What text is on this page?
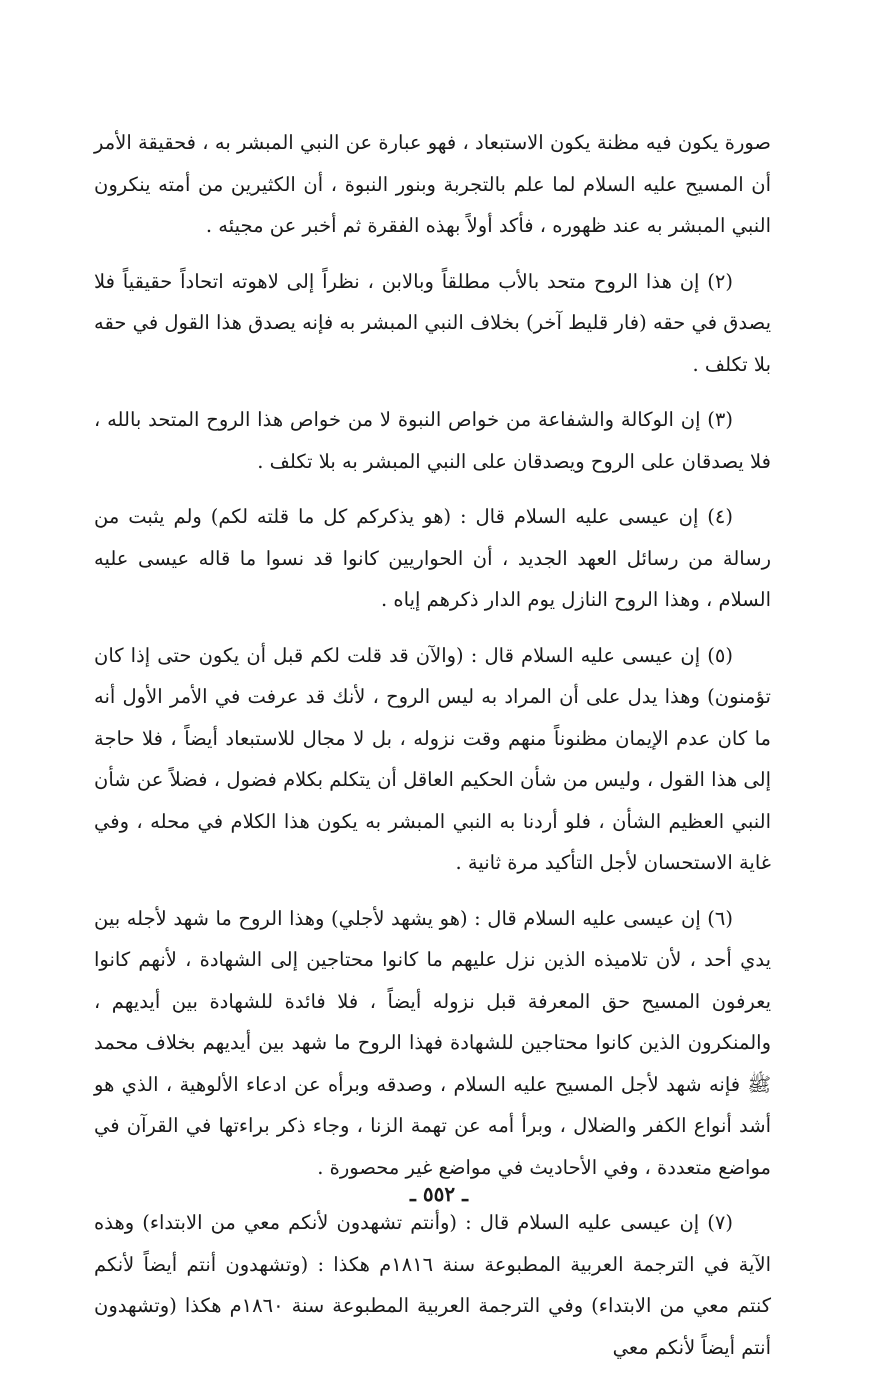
صورة يكون فيه مظنة يكون الاستبعاد ، فهو عبارة عن النبي المبشر به ، فحقيقة الأمر أن المسيح عليه السلام لما علم بالتجربة وبنور النبوة ، أن الكثيرين من أمته ينكرون النبي المبشر به عند ظهوره ، فأكد أولاً بهذه الفقرة ثم أخبر عن مجيئه .

(٢) إن هذا الروح متحد بالأب مطلقاً وبالابن ، نظراً إلى لاهوته اتحاداً حقيقياً فلا يصدق في حقه (فار قليط آخر) بخلاف النبي المبشر به فإنه يصدق هذا القول في حقه بلا تكلف .

(٣) إن الوكالة والشفاعة من خواص النبوة لا من خواص هذا الروح المتحد بالله ، فلا يصدقان على الروح ويصدقان على النبي المبشر به بلا تكلف .

(٤) إن عيسى عليه السلام قال : (هو يذكركم كل ما قلته لكم) ولم يثبت من رسالة من رسائل العهد الجديد ، أن الحواريين كانوا قد نسوا ما قاله عيسى عليه السلام ، وهذا الروح النازل يوم الدار ذكرهم إياه .

(٥) إن عيسى عليه السلام قال : (والآن قد قلت لكم قبل أن يكون حتى إذا كان تؤمنون) وهذا يدل على أن المراد به ليس الروح ، لأنك قد عرفت في الأمر الأول أنه ما كان عدم الإيمان مظنوناً منهم وقت نزوله ، بل لا مجال للاستبعاد أيضاً ، فلا حاجة إلى هذا القول ، وليس من شأن الحكيم العاقل أن يتكلم بكلام فضول ، فضلاً عن شأن النبي العظيم الشأن ، فلو أردنا به النبي المبشر به يكون هذا الكلام في محله ، وفي غاية الاستحسان لأجل التأكيد مرة ثانية .

(٦) إن عيسى عليه السلام قال : (هو يشهد لأجلي) وهذا الروح ما شهد لأجله بين يدي أحد ، لأن تلاميذه الذين نزل عليهم ما كانوا محتاجين إلى الشهادة ، لأنهم كانوا يعرفون المسيح حق المعرفة قبل نزوله أيضاً ، فلا فائدة للشهادة بين أيديهم ، والمنكرون الذين كانوا محتاجين للشهادة فهذا الروح ما شهد بين أيديهم بخلاف محمد ﷺ فإنه شهد لأجل المسيح عليه السلام ، وصدقه وبرأه عن ادعاء الألوهية ، الذي هو أشد أنواع الكفر والضلال ، وبرأ أمه عن تهمة الزنا ، وجاء ذكر براءتها في القرآن في مواضع متعددة ، وفي الأحاديث في مواضع غير محصورة .

(٧) إن عيسى عليه السلام قال : (وأنتم تشهدون لأنكم معي من الابتداء) وهذه الآية في الترجمة العربية المطبوعة سنة ١٨١٦م هكذا : (وتشهدون أنتم أيضاً لأنكم كنتم معي من الابتداء) وفي الترجمة العربية المطبوعة سنة ١٨٦٠م هكذا (وتشهدون أنتم أيضاً لأنكم معي

ـ ٥٥٢ ـ
